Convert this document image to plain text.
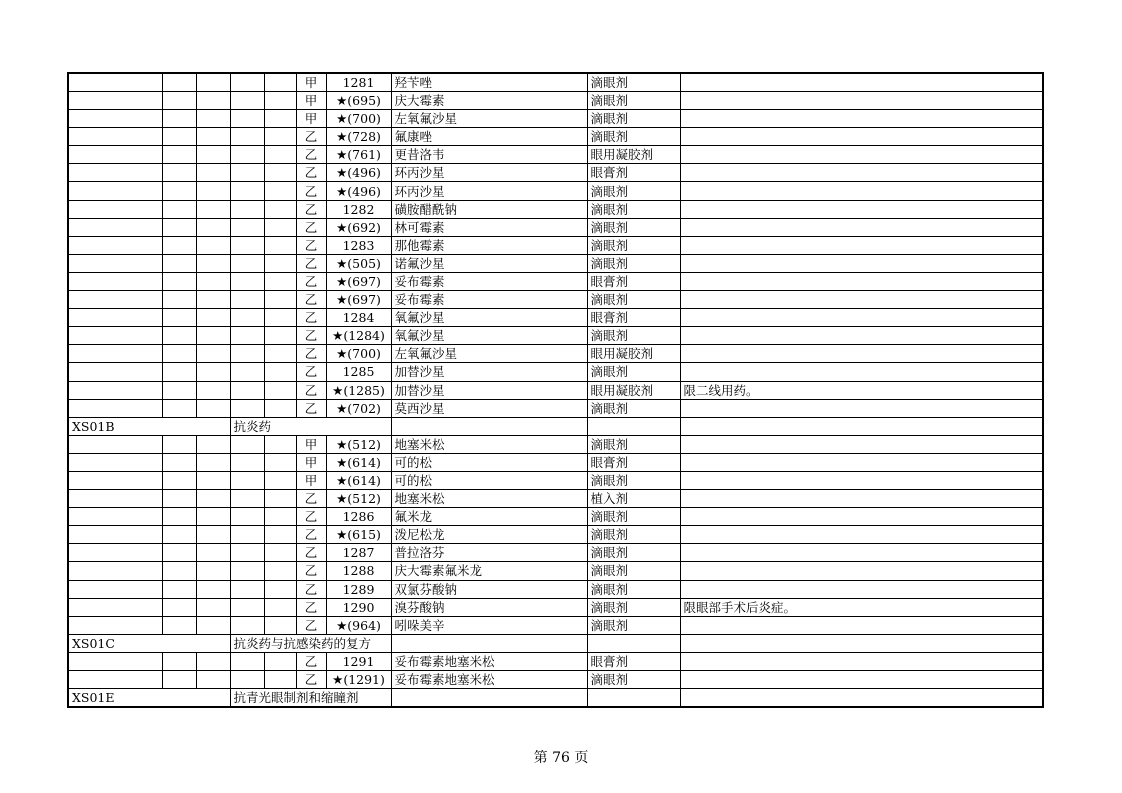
					甲	1281	羟苄唑	滴眼剂	
					甲	★(695)	庆大霉素	滴眼剂	
					甲	★(700)	左氧氟沙星	滴眼剂	
					乙	★(728)	氟康唑	滴眼剂	
					乙	★(761)	更昔洛韦	眼用凝胶剂	
					乙	★(496)	环丙沙星	眼膏剂	
					乙	★(496)	环丙沙星	滴眼剂	
					乙	1282	磺胺醋酰钠	滴眼剂	
					乙	★(692)	林可霉素	滴眼剂	
					乙	1283	那他霉素	滴眼剂	
					乙	★(505)	诺氟沙星	滴眼剂	
					乙	★(697)	妥布霉素	眼膏剂	
					乙	★(697)	妥布霉素	滴眼剂	
					乙	1284	氧氟沙星	眼膏剂	
					乙	★(1284)	氧氟沙星	滴眼剂	
					乙	★(700)	左氧氟沙星	眼用凝胶剂	
					乙	1285	加替沙星	滴眼剂	
					乙	★(1285)	加替沙星	眼用凝胶剂	限二线用药。
					乙	★(702)	莫西沙星	滴眼剂	
XS01B			抗炎药						
					甲	★(512)	地塞米松	滴眼剂	
					甲	★(614)	可的松	眼膏剂	
					甲	★(614)	可的松	滴眼剂	
					乙	★(512)	地塞米松	植入剂	
					乙	1286	氟米龙	滴眼剂	
					乙	★(615)	泼尼松龙	滴眼剂	
					乙	1287	普拉洛芬	滴眼剂	
					乙	1288	庆大霉素氟米龙	滴眼剂	
					乙	1289	双氯芬酸钠	滴眼剂	
					乙	1290	溴芬酸钠	滴眼剂	限眼部手术后炎症。
					乙	★(964)	吲哚美辛	滴眼剂	
XS01C			抗炎药与抗感染药的复方						
					乙	1291	妥布霉素地塞米松	眼膏剂	
					乙	★(1291)	妥布霉素地塞米松	滴眼剂	
XS01E			抗青光眼制剂和缩瞳剂						
第 76 页
